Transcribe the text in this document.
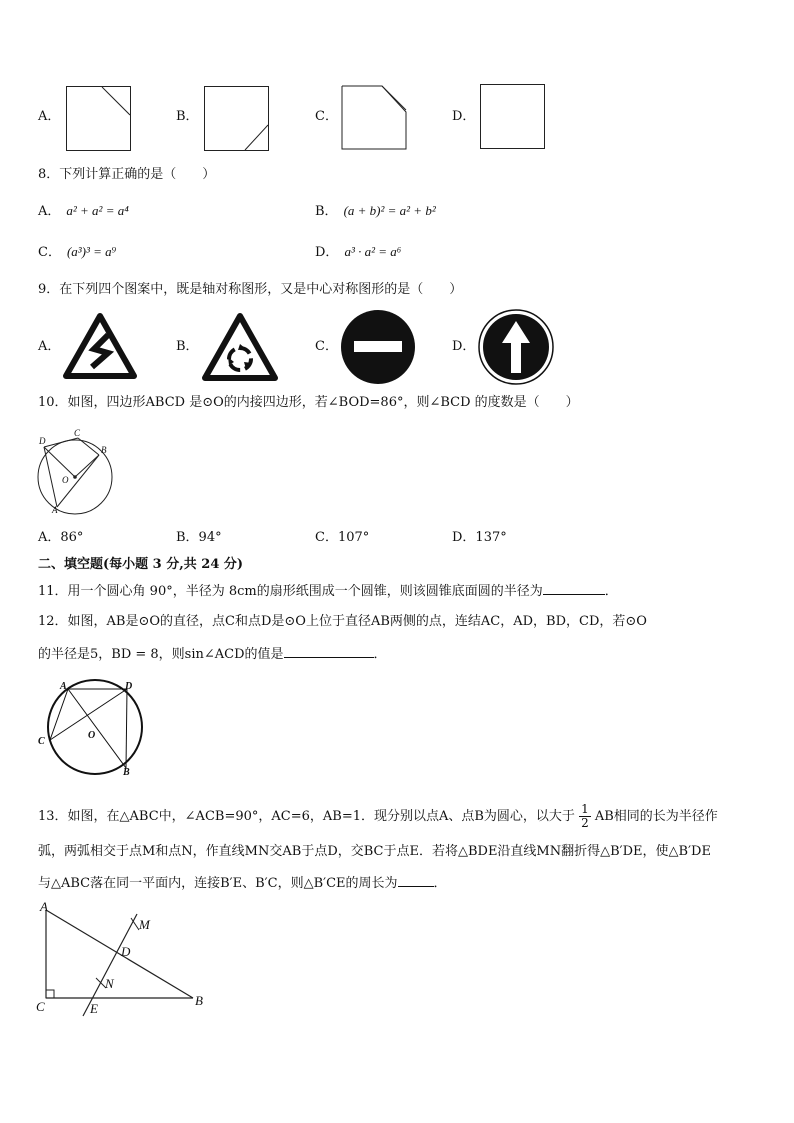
A．	B．	C．	D．
8．下列计算正确的是（　　）
A． a² + a² = a⁴	B． (a + b)² = a² + b²
C． (a³)³ = a⁹	D． a³ · a² = a⁶
9．在下列四个图案中，既是轴对称图形，又是中心对称图形的是（　　）
A．	B．	C．	D．
10．如图，四边形ABCD 是⊙O的内接四边形，若∠BOD=86°，则∠BCD 的度数是（　　）
D
C
B
O
A
A．86°	B．94°	C．107°	D．137°
二、填空题(每小题 3 分,共 24 分)
11．用一个圆心角 90°，半径为 8cm的扇形纸围成一个圆锥，则该圆锥底面圆的半径为	．
12．如图，AB是⊙O的直径，点C和点D是⊙O上位于直径AB两侧的点，连结AC，AD，BD，CD，若⊙O
的半径是5，BD = 8，则sin∠ACD的值是	．
A	D
C
O
B
13．如图，在△ABC中，∠ACB=90°，AC=6，AB=1．现分别以点A、点B为圆心，以大于 $\frac{1}{2}$ AB相同的长为半径作
弧，两弧相交于点M和点N，作直线MN交AB于点D，交BC于点E．若将△BDE沿直线MN翻折得△B′DE，使△B′DE
与△ABC落在同一平面内，连接B′E、B′C，则△B′CE的周长为	．
A
M
D
N
C	E
B
